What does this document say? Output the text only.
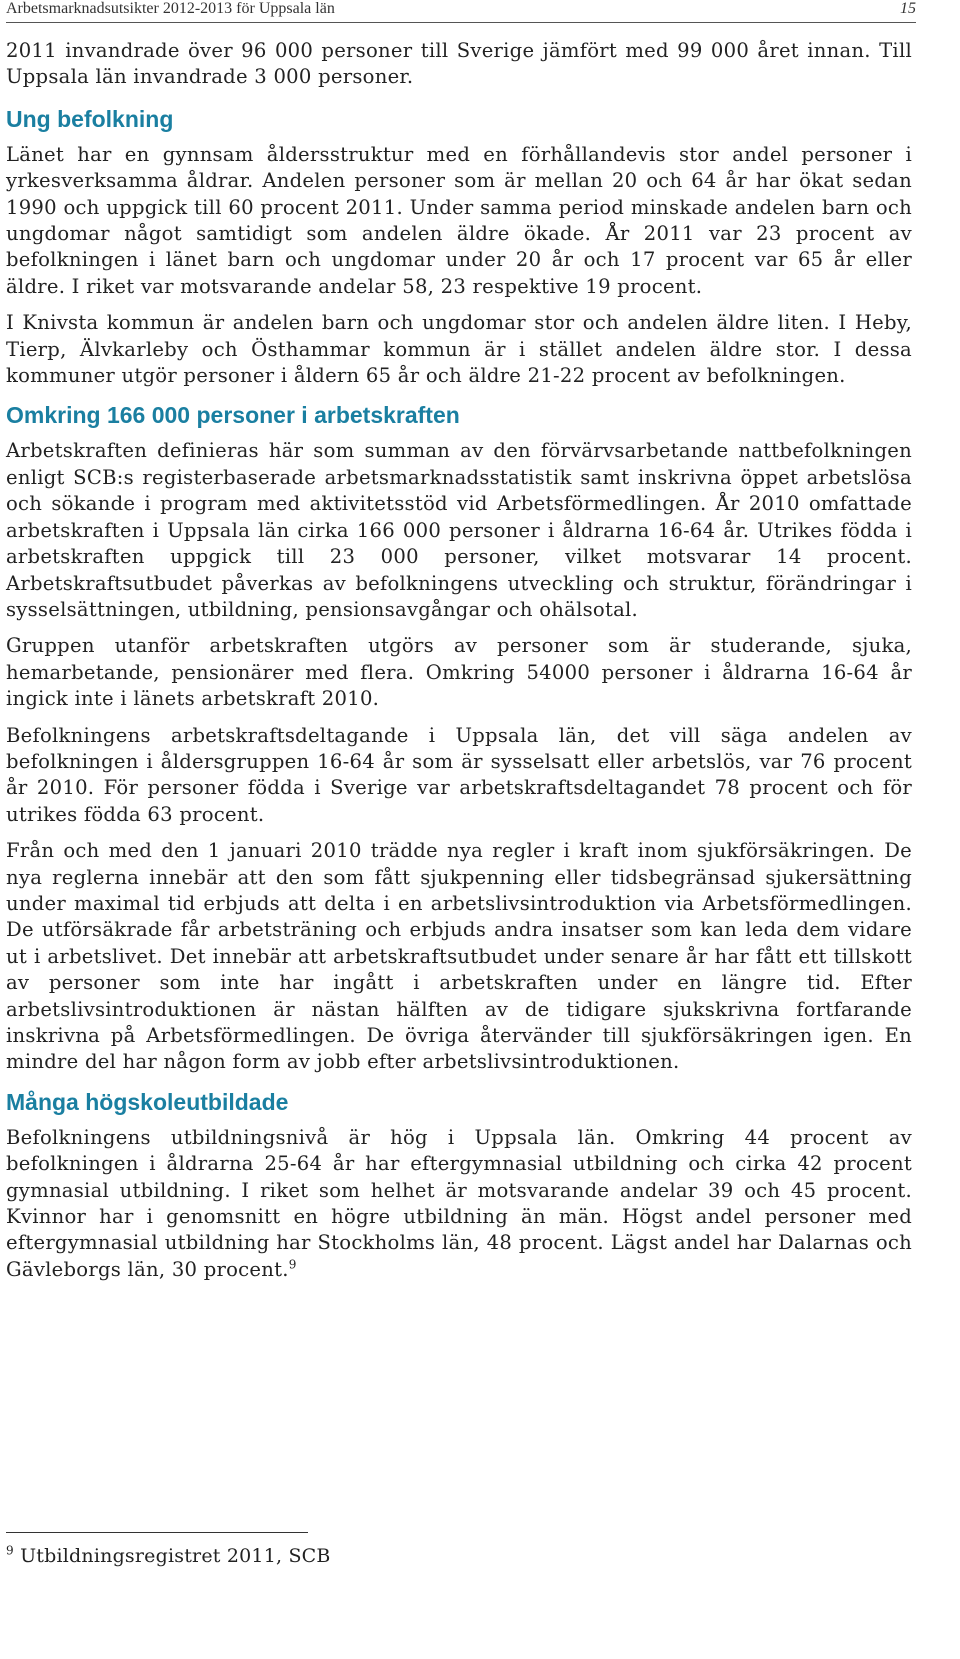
Arbetsmarknadsutsikter 2012-2013 för Uppsala län	15

2011 invandrade över 96 000 personer till Sverige jämfört med 99 000 året innan. Till Uppsala län invandrade 3 000 personer.

Ung befolkning

Länet har en gynnsam åldersstruktur med en förhållandevis stor andel personer i yrkesverksamma åldrar. Andelen personer som är mellan 20 och 64 år har ökat sedan 1990 och uppgick till 60 procent 2011. Under samma period minskade andelen barn och ungdomar något samtidigt som andelen äldre ökade. År 2011 var 23 procent av befolkningen i länet barn och ungdomar under 20 år och 17 procent var 65 år eller äldre. I riket var motsvarande andelar 58, 23 respektive 19 procent.

I Knivsta kommun är andelen barn och ungdomar stor och andelen äldre liten. I Heby, Tierp, Älvkarleby och Östhammar kommun är i stället andelen äldre stor. I dessa kommuner utgör personer i åldern 65 år och äldre 21-22 procent av befolkningen.

Omkring 166 000 personer i arbetskraften

Arbetskraften definieras här som summan av den förvärvsarbetande nattbefolkningen enligt SCB:s registerbaserade arbetsmarknadsstatistik samt inskrivna öppet arbetslösa och sökande i program med aktivitetsstöd vid Arbetsförmedlingen. År 2010 omfattade arbetskraften i Uppsala län cirka 166 000 personer i åldrarna 16-64 år. Utrikes födda i arbetskraften uppgick till 23 000 personer, vilket motsvarar 14 procent. Arbetskraftsutbudet påverkas av befolkningens utveckling och struktur, förändringar i sysselsättningen, utbildning, pensionsavgångar och ohälsotal.

Gruppen utanför arbetskraften utgörs av personer som är studerande, sjuka, hemarbetande, pensionärer med flera. Omkring 54000 personer i åldrarna 16-64 år ingick inte i länets arbetskraft 2010.

Befolkningens arbetskraftsdeltagande i Uppsala län, det vill säga andelen av befolkningen i åldersgruppen 16-64 år som är sysselsatt eller arbetslös, var 76 procent år 2010. För personer födda i Sverige var arbetskraftsdeltagandet 78 procent och för utrikes födda 63 procent.

Från och med den 1 januari 2010 trädde nya regler i kraft inom sjukförsäkringen. De nya reglerna innebär att den som fått sjukpenning eller tidsbegränsad sjukersättning under maximal tid erbjuds att delta i en arbetslivsintroduktion via Arbetsförmedlingen. De utförsäkrade får arbetsträning och erbjuds andra insatser som kan leda dem vidare ut i arbetslivet. Det innebär att arbetskraftsutbudet under senare år har fått ett tillskott av personer som inte har ingått i arbetskraften under en längre tid. Efter arbetslivsintroduktionen är nästan hälften av de tidigare sjukskrivna fortfarande inskrivna på Arbetsförmedlingen. De övriga återvänder till sjukförsäkringen igen. En mindre del har någon form av jobb efter arbetslivsintroduktionen.

Många högskoleutbildade

Befolkningens utbildningsnivå är hög i Uppsala län. Omkring 44 procent av befolkningen i åldrarna 25-64 år har eftergymnasial utbildning och cirka 42 procent gymnasial utbildning. I riket som helhet är motsvarande andelar 39 och 45 procent. Kvinnor har i genomsnitt en högre utbildning än män. Högst andel personer med eftergymnasial utbildning har Stockholms län, 48 procent. Lägst andel har Dalarnas och Gävleborgs län, 30 procent.$^9$

$^9$ Utbildningsregistret 2011, SCB
